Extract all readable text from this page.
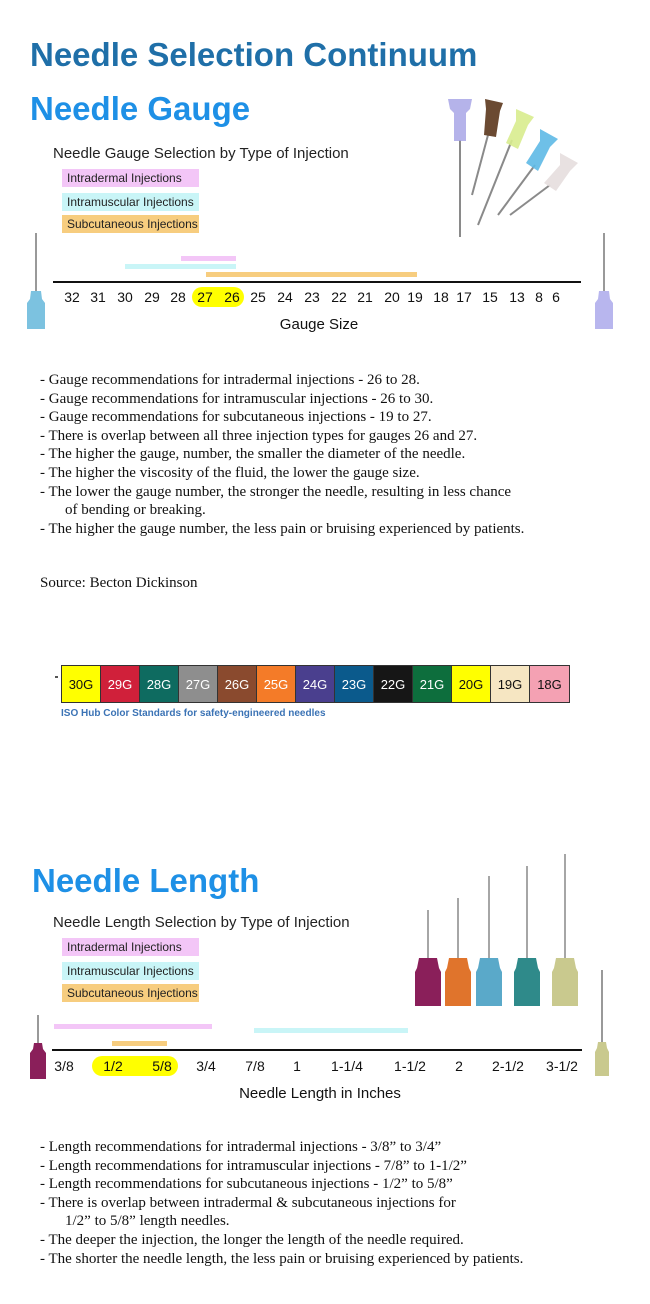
Needle Selection Continuum
Needle Gauge
Needle Gauge Selection by Type of Injection
Intradermal Injections
Intramuscular Injections
Subcutaneous Injections
32 31 30 29 28 27 26 25 24 23 22 21 20 19 18 17 15 13 8 6
Gauge Size
- Gauge recommendations for intradermal injections - 26 to 28.
- Gauge recommendations for intramuscular injections - 26 to 30.
- Gauge recommendations for subcutaneous injections - 19 to 27.
- There is overlap between all three injection types for gauges 26 and 27.
- The higher the gauge, number, the smaller the diameter of the needle.
- The higher the viscosity of the fluid, the lower the gauge size.
- The lower the gauge number, the stronger the needle, resulting in less chance
of bending or breaking.
- The higher the gauge number, the less pain or bruising experienced by patients.
Source: Becton Dickinson
30G	29G	28G	27G	26G	25G	24G	23G	22G	21G	20G	19G	18G
ISO Hub Color Standards for safety-engineered needles
Needle Length
Needle Length Selection by Type of Injection
Intradermal Injections
Intramuscular Injections
Subcutaneous Injections
3/8 1/2 5/8 3/4 7/8 1 1-1/4 1-1/2 2 2-1/2 3-1/2
Needle Length in Inches
- Length recommendations for intradermal injections - 3/8” to 3/4”
- Length recommendations for intramuscular injections - 7/8” to 1-1/2”
- Length recommendations for subcutaneous injections - 1/2” to 5/8”
- There is overlap between intradermal & subcutaneous injections for
1/2” to 5/8” length needles.
- The deeper the injection, the longer the length of the needle required.
- The shorter the needle length, the less pain or bruising experienced by patients.
